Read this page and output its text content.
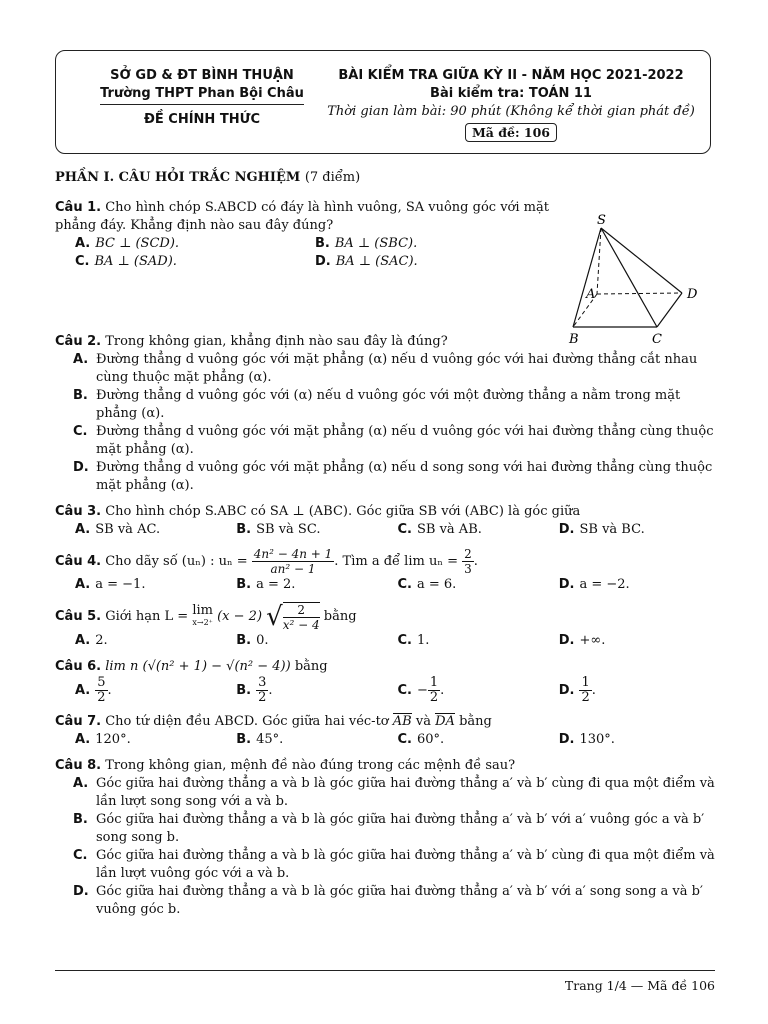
SỞ GD & ĐT BÌNH THUẬN
Trường THPT Phan Bội Châu
ĐỀ CHÍNH THỨC
BÀI KIỂM TRA GIỮA KỲ II - NĂM HỌC 2021-2022
Bài kiểm tra: TOÁN 11
Thời gian làm bài: 90 phút (Không kể thời gian phát đề)
Mã đề: 106
S
A	D
B	C
PHẦN I. CÂU HỎI TRẮC NGHIỆM (7 điểm)
Câu 1. Cho hình chóp S.ABCD có đáy là hình vuông, SA vuông góc với mặt phẳng đáy. Khẳng định nào sau đây đúng?
A. BC ⊥ (SCD).	B. BA ⊥ (SBC).
C. BA ⊥ (SAD).	D. BA ⊥ (SAC).
Câu 2. Trong không gian, khẳng định nào sau đây là đúng?
A. Đường thẳng d vuông góc với mặt phẳng (α) nếu d vuông góc với hai đường thẳng cắt nhau cùng thuộc mặt phẳng (α).
B. Đường thẳng d vuông góc với (α) nếu d vuông góc với một đường thẳng a nằm trong mặt phẳng (α).
C. Đường thẳng d vuông góc với mặt phẳng (α) nếu d vuông góc với hai đường thẳng cùng thuộc mặt phẳng (α).
D. Đường thẳng d vuông góc với mặt phẳng (α) nếu d song song với hai đường thẳng cùng thuộc mặt phẳng (α).
Câu 3. Cho hình chóp S.ABC có SA ⊥ (ABC). Góc giữa SB với (ABC) là góc giữa
A. SB và AC.	B. SB và SC.	C. SB và AB.	D. SB và BC.
Câu 4.
Cho dãy số (uₙ) : uₙ =
$\frac{\text{4n² − 4n + 1}}{\text{an² − 1}}$ . Tìm a để lim uₙ =
$\frac{2}{3}$ .
A. a = −1.	B. a = 2.	C. a = 6.	D. a = −2.
Câu 5.
Giới hạn L =
lim
x→2⁺
(x − 2)
√	2
x² − 4

bằng
A. 2.	B. 0.	C. 1.	D. +∞.
Câu 6. lim n (√(n² + 1) − √(n² − 4)) bằng
A. 5
2 .	B. 3
2 .	C. − $\frac{1}{2}$ .	D. 1
2 .
Câu 7. Cho tứ diện đều ABCD. Góc giữa hai véc-tơ AB và DA bằng
A. 120°.	B. 45°.	C. 60°.	D. 130°.
Câu 8. Trong không gian, mệnh đề nào đúng trong các mệnh đề sau?
A. Góc giữa hai đường thẳng a và b là góc giữa hai đường thẳng a′ và b′ cùng đi qua một điểm và lần lượt song song với a và b.
B. Góc giữa hai đường thẳng a và b là góc giữa hai đường thẳng a′ và b′ với a′ vuông góc a và b′ song song b.
C. Góc giữa hai đường thẳng a và b là góc giữa hai đường thẳng a′ và b′ cùng đi qua một điểm và lần lượt vuông góc với a và b.
D. Góc giữa hai đường thẳng a và b là góc giữa hai đường thẳng a′ và b′ với a′ song song a và b′ vuông góc b.
Trang 1/4 — Mã đề 106
